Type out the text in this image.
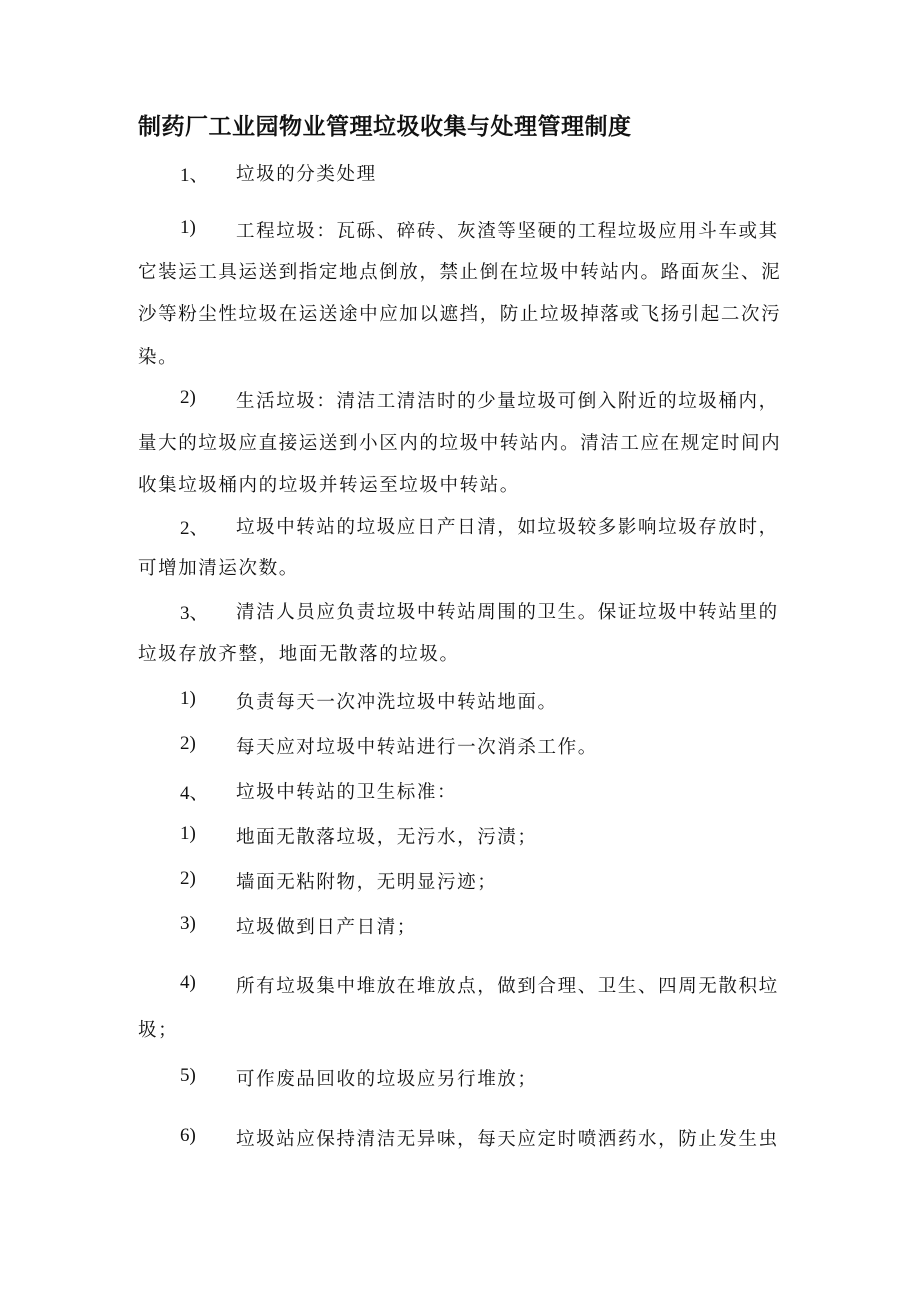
制药厂工业园物业管理垃圾收集与处理管理制度
1、 垃圾的分类处理
1) 工程垃圾：瓦砾、碎砖、灰渣等坚硬的工程垃圾应用斗车或其
它装运工具运送到指定地点倒放，禁止倒在垃圾中转站内。路面灰尘、泥
沙等粉尘性垃圾在运送途中应加以遮挡，防止垃圾掉落或飞扬引起二次污
染。
2) 生活垃圾：清洁工清洁时的少量垃圾可倒入附近的垃圾桶内，
量大的垃圾应直接运送到小区内的垃圾中转站内。清洁工应在规定时间内
收集垃圾桶内的垃圾并转运至垃圾中转站。
2、 垃圾中转站的垃圾应日产日清，如垃圾较多影响垃圾存放时，
可增加清运次数。
3、 清洁人员应负责垃圾中转站周围的卫生。保证垃圾中转站里的
垃圾存放齐整，地面无散落的垃圾。
1) 负责每天一次冲洗垃圾中转站地面。
2) 每天应对垃圾中转站进行一次消杀工作。
4、 垃圾中转站的卫生标准：
1) 地面无散落垃圾，无污水，污渍；
2) 墙面无粘附物，无明显污迹；
3) 垃圾做到日产日清；
4) 所有垃圾集中堆放在堆放点，做到合理、卫生、四周无散积垃
圾；
5) 可作废品回收的垃圾应另行堆放；
6) 垃圾站应保持清洁无异味，每天应定时喷洒药水，防止发生虫
